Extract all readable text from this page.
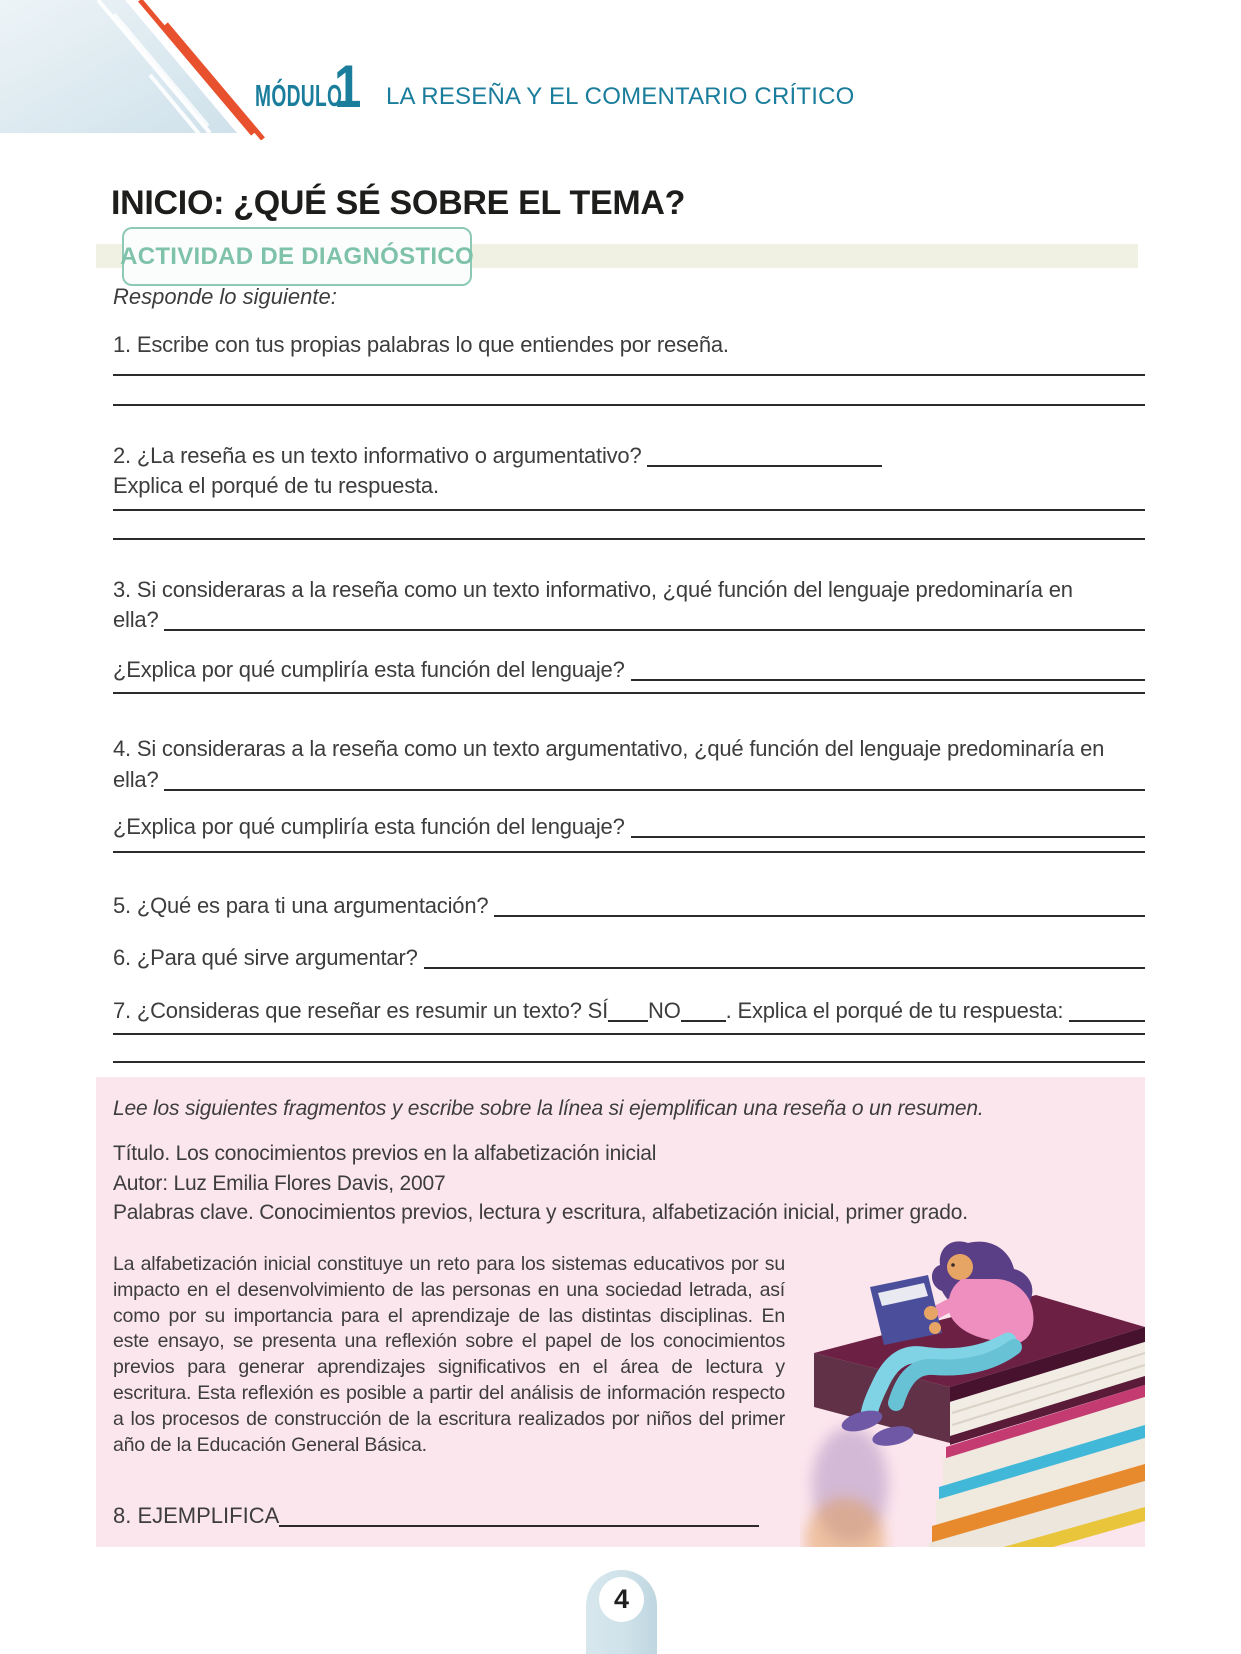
MÓDULO
1 LA RESEÑA Y EL COMENTARIO CRÍTICO
INICIO: ¿QUÉ SÉ SOBRE EL TEMA?
ACTIVIDAD DE DIAGNÓSTICO

Responde lo siguiente:

1. Escribe con tus propias palabras lo que entiendes por reseña.
2. ¿La reseña es un texto informativo o argumentativo?
Explica el porqué de tu respuesta.
3. Si consideraras a la reseña como un texto informativo, ¿qué función del lenguaje predominaría en
ella?
¿Explica por qué cumpliría esta función del lenguaje?
4. Si consideraras a la reseña como un texto argumentativo, ¿qué función del lenguaje predominaría en
ella?
¿Explica por qué cumpliría esta función del lenguaje?
5. ¿Qué es para ti una argumentación?
6. ¿Para qué sirve argumentar?
7. ¿Consideras que reseñar es resumir un texto? SÍ NO . Explica el porqué de tu respuesta:

Lee los siguientes fragmentos y escribe sobre la línea si ejemplifican una reseña o un resumen.

Título. Los conocimientos previos en la alfabetización inicial
Autor: Luz Emilia Flores Davis, 2007
Palabras clave. Conocimientos previos, lectura y escritura, alfabetización inicial, primer grado.

La alfabetización inicial constituye un reto para los sistemas educativos por su impacto en el desenvolvimiento de las personas en una sociedad letrada, así como por su importancia para el aprendizaje de las distintas disciplinas. En este ensayo, se presenta una reflexión sobre el papel de los conocimientos previos para generar aprendizajes significativos en el área de lectura y escritura. Esta reflexión es posible a partir del análisis de información respecto a los procesos de construcción de la escritura realizados por niños del primer año de la Educación General Básica.

8. EJEMPLIFICA
4
